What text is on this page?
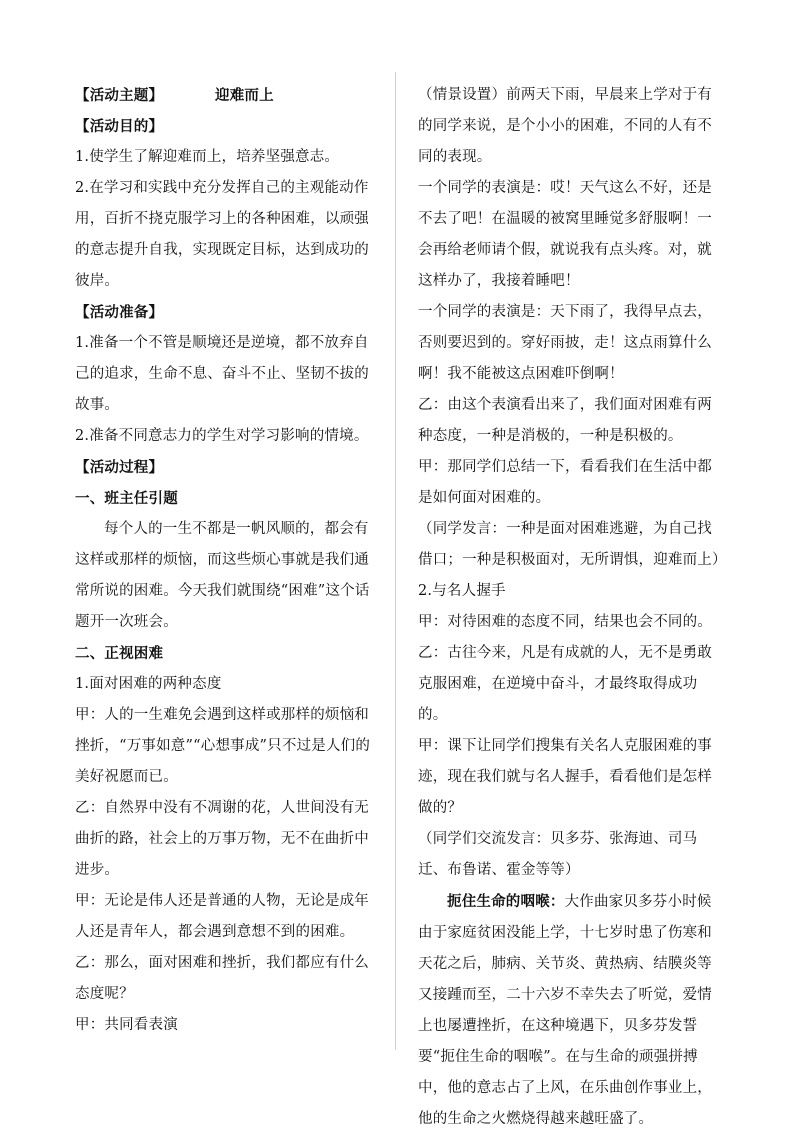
【活动主题】	迎难而上

【活动目的】

1.使学生了解迎难而上，培养坚强意志。

2.在学习和实践中充分发挥自己的主观能动作用，百折不挠克服学习上的各种困难，以顽强的意志提升自我，实现既定目标，达到成功的彼岸。

【活动准备】

1.准备一个不管是顺境还是逆境，都不放弃自己的追求，生命不息、奋斗不止、坚韧不拔的故事。

2.准备不同意志力的学生对学习影响的情境。

【活动过程】

一、班主任引题

每个人的一生不都是一帆风顺的，都会有这样或那样的烦恼，而这些烦心事就是我们通常所说的困难。今天我们就围绕“困难”这个话题开一次班会。

二、正视困难

1.面对困难的两种态度

甲：人的一生难免会遇到这样或那样的烦恼和挫折，“万事如意”“心想事成”只不过是人们的美好祝愿而已。

乙：自然界中没有不凋谢的花，人世间没有无曲折的路，社会上的万事万物，无不在曲折中进步。

甲：无论是伟人还是普通的人物，无论是成年人还是青年人，都会遇到意想不到的困难。

乙：那么，面对困难和挫折，我们都应有什么态度呢？

甲：共同看表演

（情景设置）前两天下雨，早晨来上学对于有的同学来说，是个小小的困难，不同的人有不同的表现。

一个同学的表演是：哎！天气这么不好，还是不去了吧！在温暖的被窝里睡觉多舒服啊！一会再给老师请个假，就说我有点头疼。对，就这样办了，我接着睡吧！

一个同学的表演是：天下雨了，我得早点去，否则要迟到的。穿好雨披，走！这点雨算什么啊！我不能被这点困难吓倒啊！

乙：由这个表演看出来了，我们面对困难有两种态度，一种是消极的，一种是积极的。

甲：那同学们总结一下，看看我们在生活中都是如何面对困难的。

（同学发言：一种是面对困难逃避，为自己找借口；一种是积极面对，无所谓惧，迎难而上）

2.与名人握手

甲：对待困难的态度不同，结果也会不同的。

乙：古往今来，凡是有成就的人，无不是勇敢克服困难，在逆境中奋斗，才最终取得成功的。

甲：课下让同学们搜集有关名人克服困难的事迹，现在我们就与名人握手，看看他们是怎样做的？

（同学们交流发言：贝多芬、张海迪、司马迁、布鲁诺、霍金等等）

扼住生命的咽喉：大作曲家贝多芬小时候由于家庭贫困没能上学，十七岁时患了伤寒和天花之后，肺病、关节炎、黄热病、结膜炎等又接踵而至，二十六岁不幸失去了听觉，爱情上也屡遭挫折，在这种境遇下，贝多芬发誓要“扼住生命的咽喉”。在与生命的顽强拼搏中，他的意志占了上风，在乐曲创作事业上，他的生命之火燃烧得越来越旺盛了。
